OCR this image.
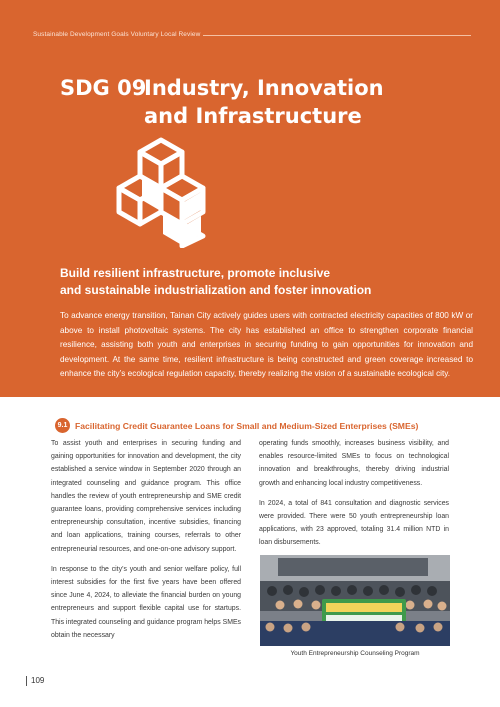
Sustainable Development Goals Voluntary Local Review
SDG 09
Industry, Innovation
and Infrastructure
Build resilient infrastructure, promote inclusive
and sustainable industrialization and foster innovation

To advance energy transition, Tainan City actively guides users with contracted electricity capacities of 800 kW or above to install photovoltaic systems. The city has established an office to strengthen corporate financial resilience, assisting both youth and enterprises in securing funding to gain opportunities for innovation and development. At the same time, resilient infrastructure is being constructed and green coverage increased to enhance the city’s ecological regulation capacity, thereby realizing the vision of a sustainable ecological city.

9.1 Facilitating Credit Guarantee Loans for Small and Medium-Sized Enterprises (SMEs)

To assist youth and enterprises in securing funding and gaining opportunities for innovation and development, the city established a service window in September 2020 through an integrated counseling and guidance program. This office handles the review of youth entrepreneurship and SME credit guarantee loans, providing comprehensive services including entrepreneurship consultation, incentive subsidies, financing and loan applications, training courses, referrals to other entrepreneurial resources, and one-on-one advisory support.

In response to the city’s youth and senior welfare policy, full interest subsidies for the first five years have been offered since June 4, 2024, to alleviate the financial burden on young entrepreneurs and support flexible capital use for startups. This integrated counseling and guidance program helps SMEs obtain the necessary

operating funds smoothly, increases business visibility, and enables resource-limited SMEs to focus on technological innovation and breakthroughs, thereby driving industrial growth and enhancing local industry competitiveness.

In 2024, a total of 841 consultation and diagnostic services were provided. There were 50 youth entrepreneurship loan applications, with 23 approved, totaling 31.4 million NTD in loan disbursements.

Youth Entrepreneurship Counseling Program
109
